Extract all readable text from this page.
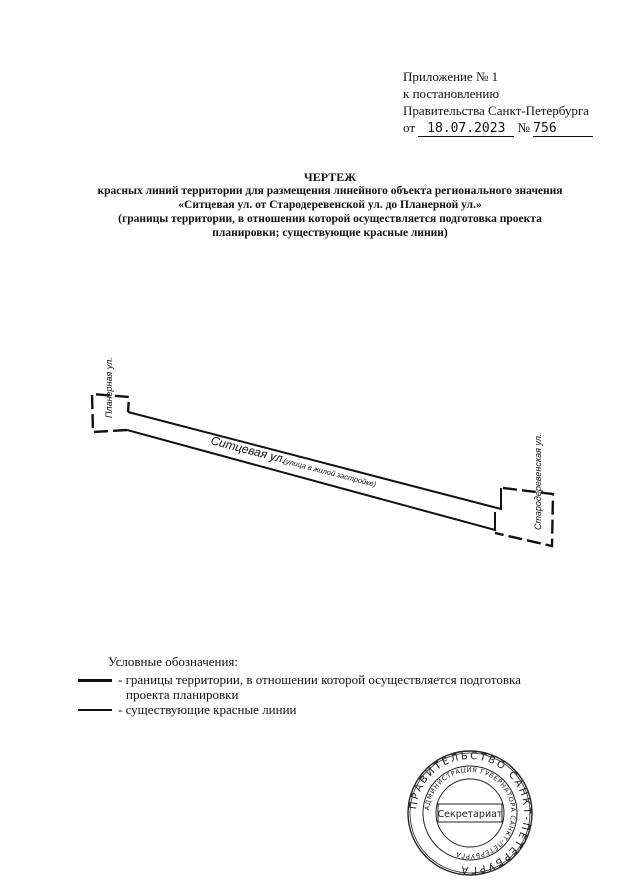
Приложение № 1
к постановлению
Правительства Санкт-Петербурга
от 18.07.2023 № 756
ЧЕРТЕЖ
красных линий территории для размещения линейного объекта регионального значения
«Ситцевая ул. от Стародеревенской ул. до Планерной ул.»
(границы территории, в отношении которой осуществляется подготовка проекта
планировки; существующие красные линии)
Ситцевая ул.
(улица в жилой застройке)
Планерная ул.
Стародеревенская ул.
Условные обозначения:
- границы территории, в отношении которой осуществляется подготовка
проекта планировки
- существующие красные линии
ПРАВИТЕЛЬСТВО САНКТ-ПЕТЕРБУРГА
АДМИНИСТРАЦИЯ ГУБЕРНАТОРА САНКТ-ПЕТЕРБУРГА
Секретариат
